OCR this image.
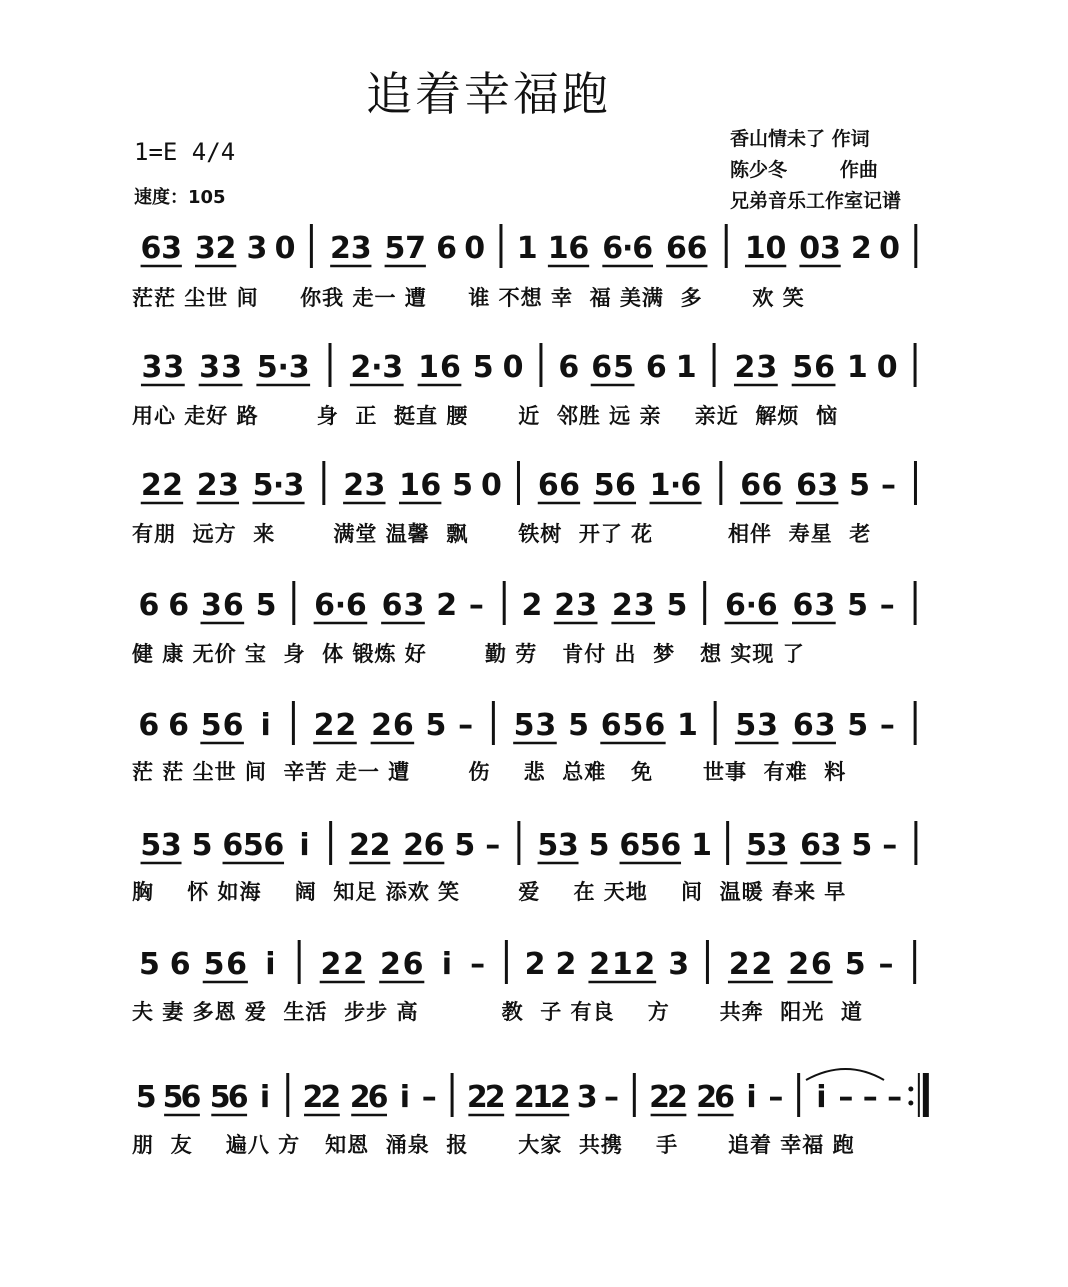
追着幸福跑
1=E 4/4
速度：105
香山情未了 作词
陈少冬        作曲
兄弟音乐工作室记谱
6 3 3 2 3 0 2 3 5 7 6 0 1 1 6 6
·
6 6 6 1 0 0 3 2 0
3 3 3 3 5 · 3 2 · 3 1 6 5 0 6 6 5 6 1 2 3 5 6 1 0
2 2 2 3 5 · 3 2 3 1 6 5 0 6 6 5 6 1 · 6 6 6 6 3 5 –
6 6 3 6 5 6 · 6 6 3 2 – 2 2 3 2 3 5 6 · 6 6 3 5 –
6 6 5 6 i 2 2 2 6 5 – 5 3 5 6 5 6 1 5 3 6 3 5 –
5 3 5 6 5 6 i 2 2 2 6 5 – 5 3 5 6 5 6 1 5 3 6 3 5 –
5 6 5 6 i 2 2 2 6 i – 2 2 2 1 2 3 2 2 2 6 5 –
5 5
6 5
6 i 2
2 2
6 i – 2
2 2
1
2 3 – 2
2 2
6 i – i – – –
茫茫 尘世 间     你我 走一 遭     谁 不想 幸  福 美满  多      欢 笑
用心 走好 路       身  正  挺直 腰      近  邻胜 远 亲    亲近  解烦  恼
有朋  远方  来       满堂 温馨  飘      铁树  开了 花         相伴  寿星  老
健 康 无价 宝  身  体 锻炼 好       勤 劳   肯付 出  梦   想 实现 了
茫 茫 尘世 间  辛苦 走一 遭       伤    悲  总难   免      世事  有难  料
胸    怀 如海    阔  知足 添欢 笑       爱    在 天地    间  温暖 春来 早
夫 妻 多恩 爱  生活  步步 高          教  子 有良    方      共奔  阳光  道
朋  友    遍八 方   知恩  涌泉  报      大家  共携    手      追着 幸福 跑
